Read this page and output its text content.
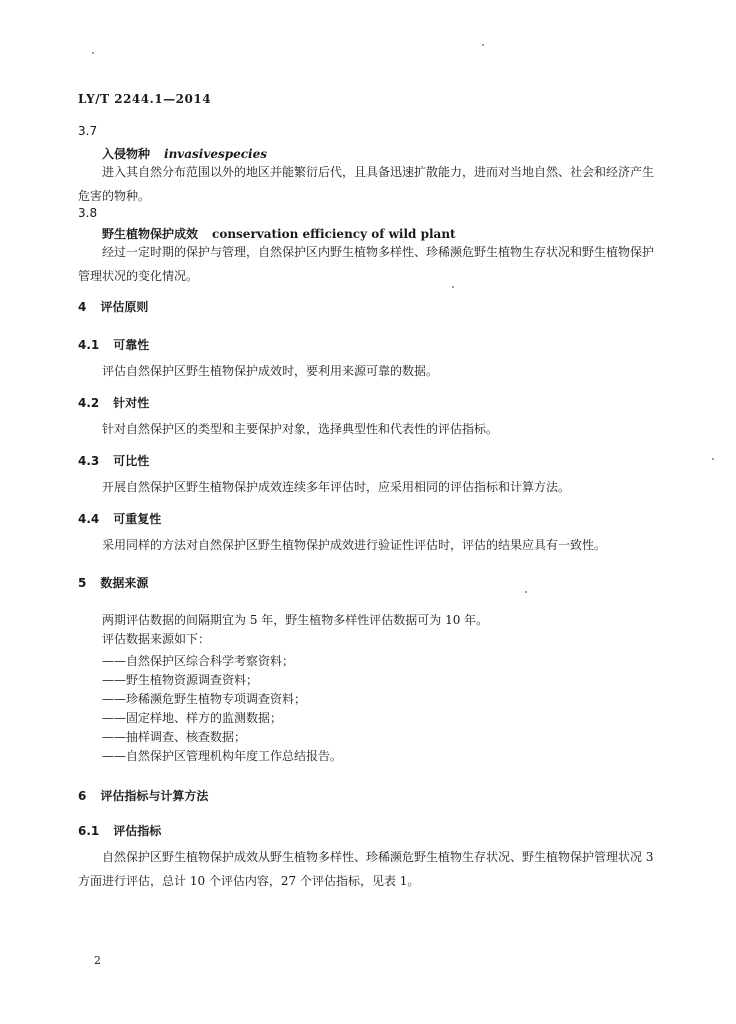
LY/T 2244.1—2014
3.7
入侵物种 invasivespecies
进入其自然分布范围以外的地区并能繁衍后代，且具备迅速扩散能力，进而对当地自然、社会和经济产生危害的物种。
3.8
野生植物保护成效 conservation efficiency of wild plant
经过一定时期的保护与管理，自然保护区内野生植物多样性、珍稀濒危野生植物生存状况和野生植物保护管理状况的变化情况。
4 评估原则
4.1 可靠性
评估自然保护区野生植物保护成效时，要利用来源可靠的数据。
4.2 针对性
针对自然保护区的类型和主要保护对象，选择典型性和代表性的评估指标。
4.3 可比性
开展自然保护区野生植物保护成效连续多年评估时，应采用相同的评估指标和计算方法。
4.4 可重复性
采用同样的方法对自然保护区野生植物保护成效进行验证性评估时，评估的结果应具有一致性。
5 数据来源
两期评估数据的间隔期宜为 5 年，野生植物多样性评估数据可为 10 年。
评估数据来源如下：
——自然保护区综合科学考察资料；
——野生植物资源调查资料；
——珍稀濒危野生植物专项调查资料；
——固定样地、样方的监测数据；
——抽样调查、核查数据；
——自然保护区管理机构年度工作总结报告。
6 评估指标与计算方法
6.1 评估指标
自然保护区野生植物保护成效从野生植物多样性、珍稀濒危野生植物生存状况、野生植物保护管理状况 3 方面进行评估，总计 10 个评估内容，27 个评估指标，见表 1。
2
